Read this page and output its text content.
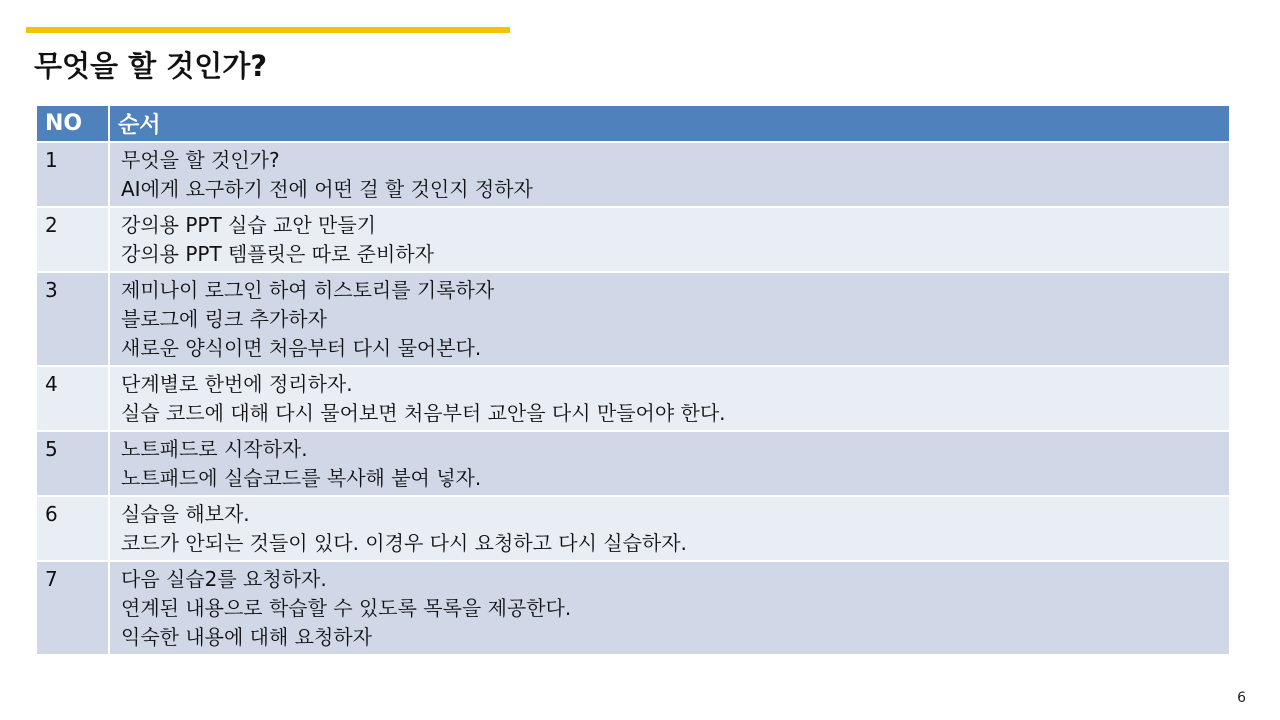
무엇을 할 것인가?
NO	순서
1	무엇을 할 것인가?
AI에게 요구하기 전에 어떤 걸 할 것인지 정하자

2	강의용 PPT 실습 교안 만들기
강의용 PPT 템플릿은 따로 준비하자

3	제미나이 로그인 하여 히스토리를 기록하자
블로그에 링크 추가하자
새로운 양식이면 처음부터 다시 물어본다.

4	단계별로 한번에 정리하자.
실습 코드에 대해 다시 물어보면 처음부터 교안을 다시 만들어야 한다.

5	노트패드로 시작하자.
노트패드에 실습코드를 복사해 붙여 넣자.

6	실습을 해보자.
코드가 안되는 것들이 있다. 이경우 다시 요청하고 다시 실습하자.

7	다음 실습2를 요청하자.
연계된 내용으로 학습할 수 있도록 목록을 제공한다.
익숙한 내용에 대해 요청하자
6
